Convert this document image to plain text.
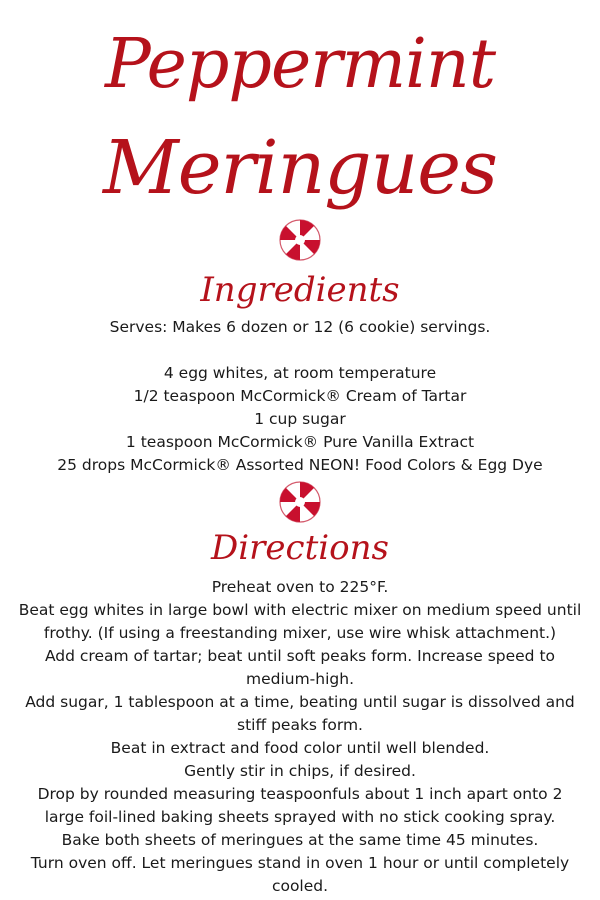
Peppermint
Meringues
Ingredients
Serves: Makes 6 dozen or 12 (6 cookie) servings.
4 egg whites, at room temperature
1/2 teaspoon McCormick® Cream of Tartar
1 cup sugar
1 teaspoon McCormick® Pure Vanilla Extract
25 drops McCormick® Assorted NEON! Food Colors & Egg Dye
Directions
Preheat oven to 225°F.
Beat egg whites in large bowl with electric mixer on medium speed until
frothy. (If using a freestanding mixer, use wire whisk attachment.)
Add cream of tartar; beat until soft peaks form. Increase speed to
medium-high.
Add sugar, 1 tablespoon at a time, beating until sugar is dissolved and
stiff peaks form.
Beat in extract and food color until well blended.
Gently stir in chips, if desired.
Drop by rounded measuring teaspoonfuls about 1 inch apart onto 2
large foil-lined baking sheets sprayed with no stick cooking spray.
Bake both sheets of meringues at the same time 45 minutes.
Turn oven off. Let meringues stand in oven 1 hour or until completely
cooled.
